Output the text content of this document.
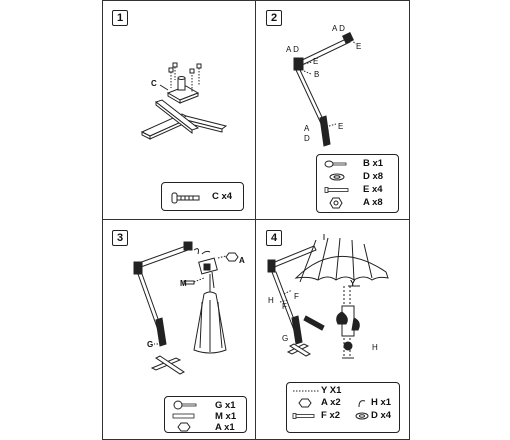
1
C
C x4
2
A D
E
A D
E
B
A
D
E
B x1
D x8
E x4
A x8
3
A
M
G
G x1
M x1
A x1
4
Y
H	F
H
G
F
Y X1
A x2	H x1
F x2	D x4
